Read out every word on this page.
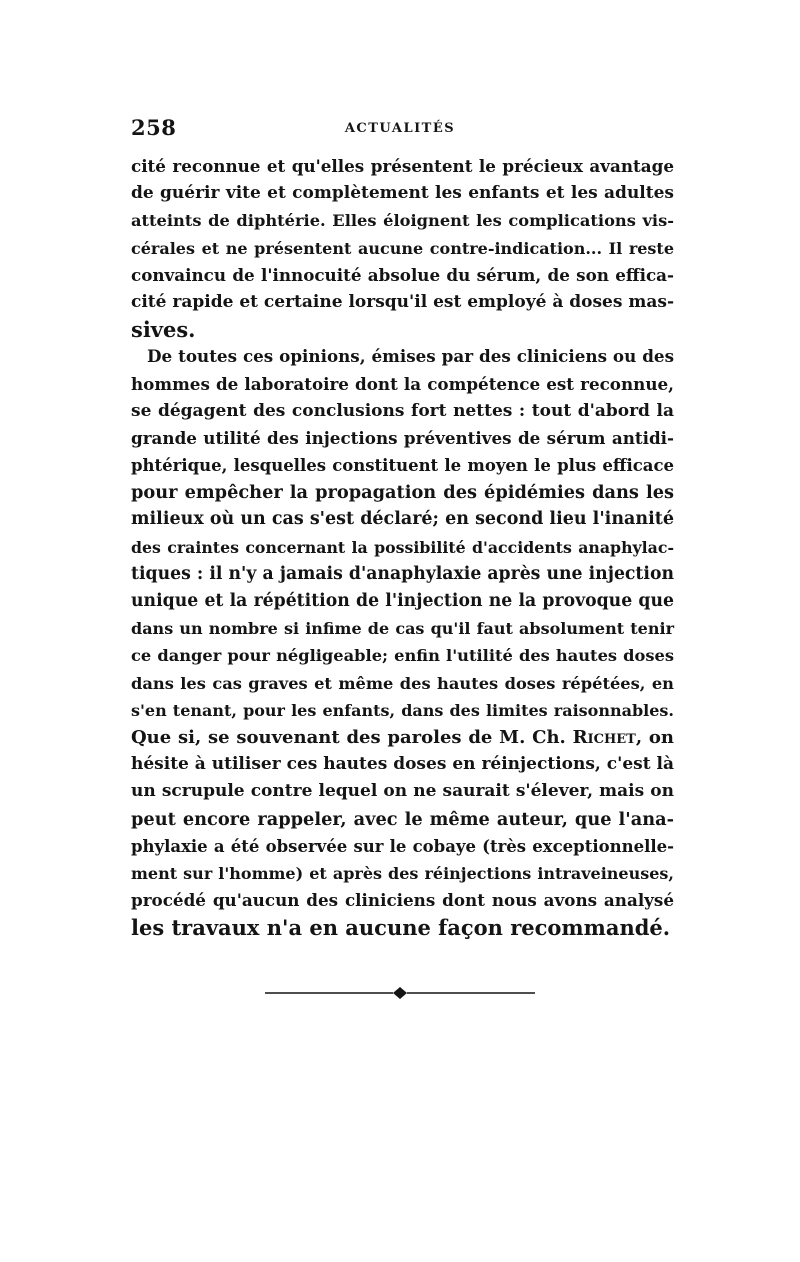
258	ACTUALITÉS
cité reconnue et qu'elles présentent le précieux avantage
de guérir vite et complètement les enfants et les adultes
atteints de diphtérie. Elles éloignent les complications vis-
cérales et ne présentent aucune contre-indication... Il reste
convaincu de l'innocuité absolue du sérum, de son effica-
cité rapide et certaine lorsqu'il est employé à doses mas-
sives.
De toutes ces opinions, émises par des cliniciens ou des
hommes de laboratoire dont la compétence est reconnue,
se dégagent des conclusions fort nettes : tout d'abord la
grande utilité des injections préventives de sérum antidi-
phtérique, lesquelles constituent le moyen le plus efficace
pour empêcher la propagation des épidémies dans les
milieux où un cas s'est déclaré; en second lieu l'inanité
des craintes concernant la possibilité d'accidents anaphylac-
tiques : il n'y a jamais d'anaphylaxie après une injection
unique et la répétition de l'injection ne la provoque que
dans un nombre si infime de cas qu'il faut absolument tenir
ce danger pour négligeable; enfin l'utilité des hautes doses
dans les cas graves et même des hautes doses répétées, en
s'en tenant, pour les enfants, dans des limites raisonnables.
Que si, se souvenant des paroles de M. Ch. Richet, on
hésite à utiliser ces hautes doses en réinjections, c'est là
un scrupule contre lequel on ne saurait s'élever, mais on
peut encore rappeler, avec le même auteur, que l'ana-
phylaxie a été observée sur le cobaye (très exceptionnelle-
ment sur l'homme) et après des réinjections intraveineuses,
procédé qu'aucun des cliniciens dont nous avons analysé
les travaux n'a en aucune façon recommandé.
